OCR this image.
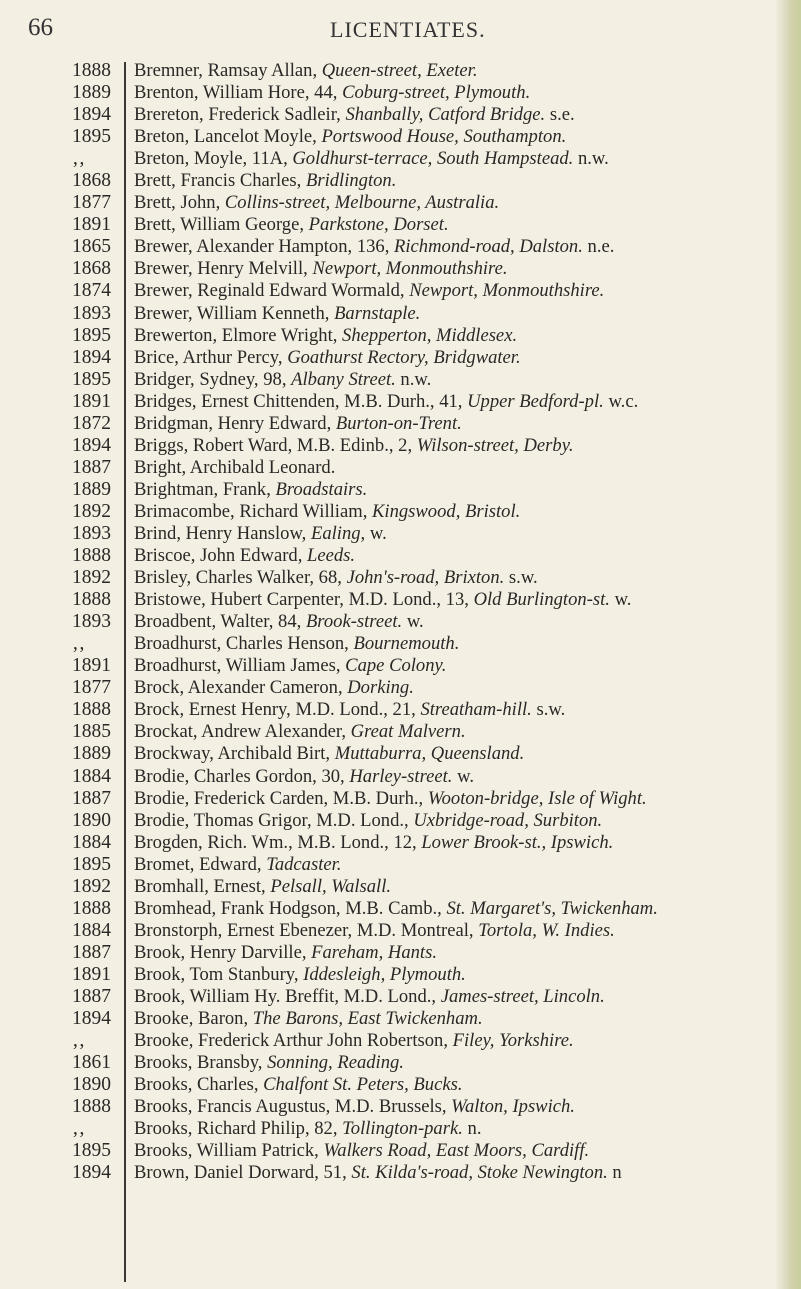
66	LICENTIATES.
1888
1889
1894
1895
‚‚
1868
1877
1891
1865
1868
1874
1893
1895
1894
1895
1891
1872
1894
1887
1889
1892
1893
1888
1892
1888
1893
‚‚
1891
1877
1888
1885
1889
1884
1887
1890
1884
1895
1892
1888
1884
1887
1891
1887
1894
‚‚
1861
1890
1888
‚‚
1895
1894
Bremner, Ramsay Allan, Queen-street, Exeter.
Brenton, William Hore, 44, Coburg-street, Plymouth.
Brereton, Frederick Sadleir, Shanbally, Catford Bridge. s.e.
Breton, Lancelot Moyle, Portswood House, Southampton.
Breton, Moyle, 11A, Goldhurst-terrace, South Hampstead. n.w.
Brett, Francis Charles, Bridlington.
Brett, John, Collins-street, Melbourne, Australia.
Brett, William George, Parkstone, Dorset.
Brewer, Alexander Hampton, 136, Richmond-road, Dalston. n.e.
Brewer, Henry Melvill, Newport, Monmouthshire.
Brewer, Reginald Edward Wormald, Newport, Monmouthshire.
Brewer, William Kenneth, Barnstaple.
Brewerton, Elmore Wright, Shepperton, Middlesex.
Brice, Arthur Percy, Goathurst Rectory, Bridgwater.
Bridger, Sydney, 98, Albany Street. n.w.
Bridges, Ernest Chittenden, M.B. Durh., 41, Upper Bedford-pl. w.c.
Bridgman, Henry Edward, Burton-on-Trent.
Briggs, Robert Ward, M.B. Edinb., 2, Wilson-street, Derby.
Bright, Archibald Leonard.
Brightman, Frank, Broadstairs.
Brimacombe, Richard William, Kingswood, Bristol.
Brind, Henry Hanslow, Ealing, w.
Briscoe, John Edward, Leeds.
Brisley, Charles Walker, 68, John's-road, Brixton. s.w.
Bristowe, Hubert Carpenter, M.D. Lond., 13, Old Burlington-st. w.
Broadbent, Walter, 84, Brook-street. w.
Broadhurst, Charles Henson, Bournemouth.
Broadhurst, William James, Cape Colony.
Brock, Alexander Cameron, Dorking.
Brock, Ernest Henry, M.D. Lond., 21, Streatham-hill. s.w.
Brockat, Andrew Alexander, Great Malvern.
Brockway, Archibald Birt, Muttaburra, Queensland.
Brodie, Charles Gordon, 30, Harley-street. w.
Brodie, Frederick Carden, M.B. Durh., Wooton-bridge, Isle of Wight.
Brodie, Thomas Grigor, M.D. Lond., Uxbridge-road, Surbiton.
Brogden, Rich. Wm., M.B. Lond., 12, Lower Brook-st., Ipswich.
Bromet, Edward, Tadcaster.
Bromhall, Ernest, Pelsall, Walsall.
Bromhead, Frank Hodgson, M.B. Camb., St. Margaret's, Twickenham.
Bronstorph, Ernest Ebenezer, M.D. Montreal, Tortola, W. Indies.
Brook, Henry Darville, Fareham, Hants.
Brook, Tom Stanbury, Iddesleigh, Plymouth.
Brook, William Hy. Breffit, M.D. Lond., James-street, Lincoln.
Brooke, Baron, The Barons, East Twickenham.
Brooke, Frederick Arthur John Robertson, Filey, Yorkshire.
Brooks, Bransby, Sonning, Reading.
Brooks, Charles, Chalfont St. Peters, Bucks.
Brooks, Francis Augustus, M.D. Brussels, Walton, Ipswich.
Brooks, Richard Philip, 82, Tollington-park. n.
Brooks, William Patrick, Walkers Road, East Moors, Cardiff.
Brown, Daniel Dorward, 51, St. Kilda's-road, Stoke Newington. n
